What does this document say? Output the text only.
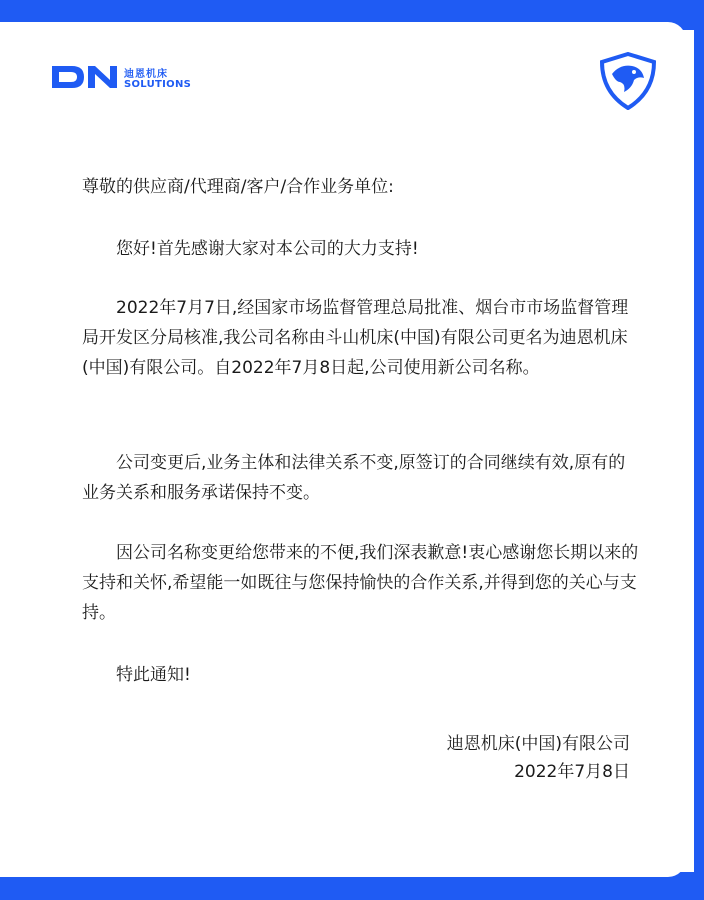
迪恩机床
SOLUTIONS

尊敬的供应商/代理商/客户/合作业务单位:

您好!首先感谢大家对本公司的大力支持!

2022年7月7日,经国家市场监督管理总局批准、烟台市市场监督管理局开发区分局核准,我公司名称由斗山机床(中国)有限公司更名为迪恩机床(中国)有限公司。自2022年7月8日起,公司使用新公司名称。

公司变更后,业务主体和法律关系不变,原签订的合同继续有效,原有的业务关系和服务承诺保持不变。

因公司名称变更给您带来的不便,我们深表歉意!衷心感谢您长期以来的支持和关怀,希望能一如既往与您保持愉快的合作关系,并得到您的关心与支持。

特此通知!

迪恩机床(中国)有限公司
2022年7月8日
